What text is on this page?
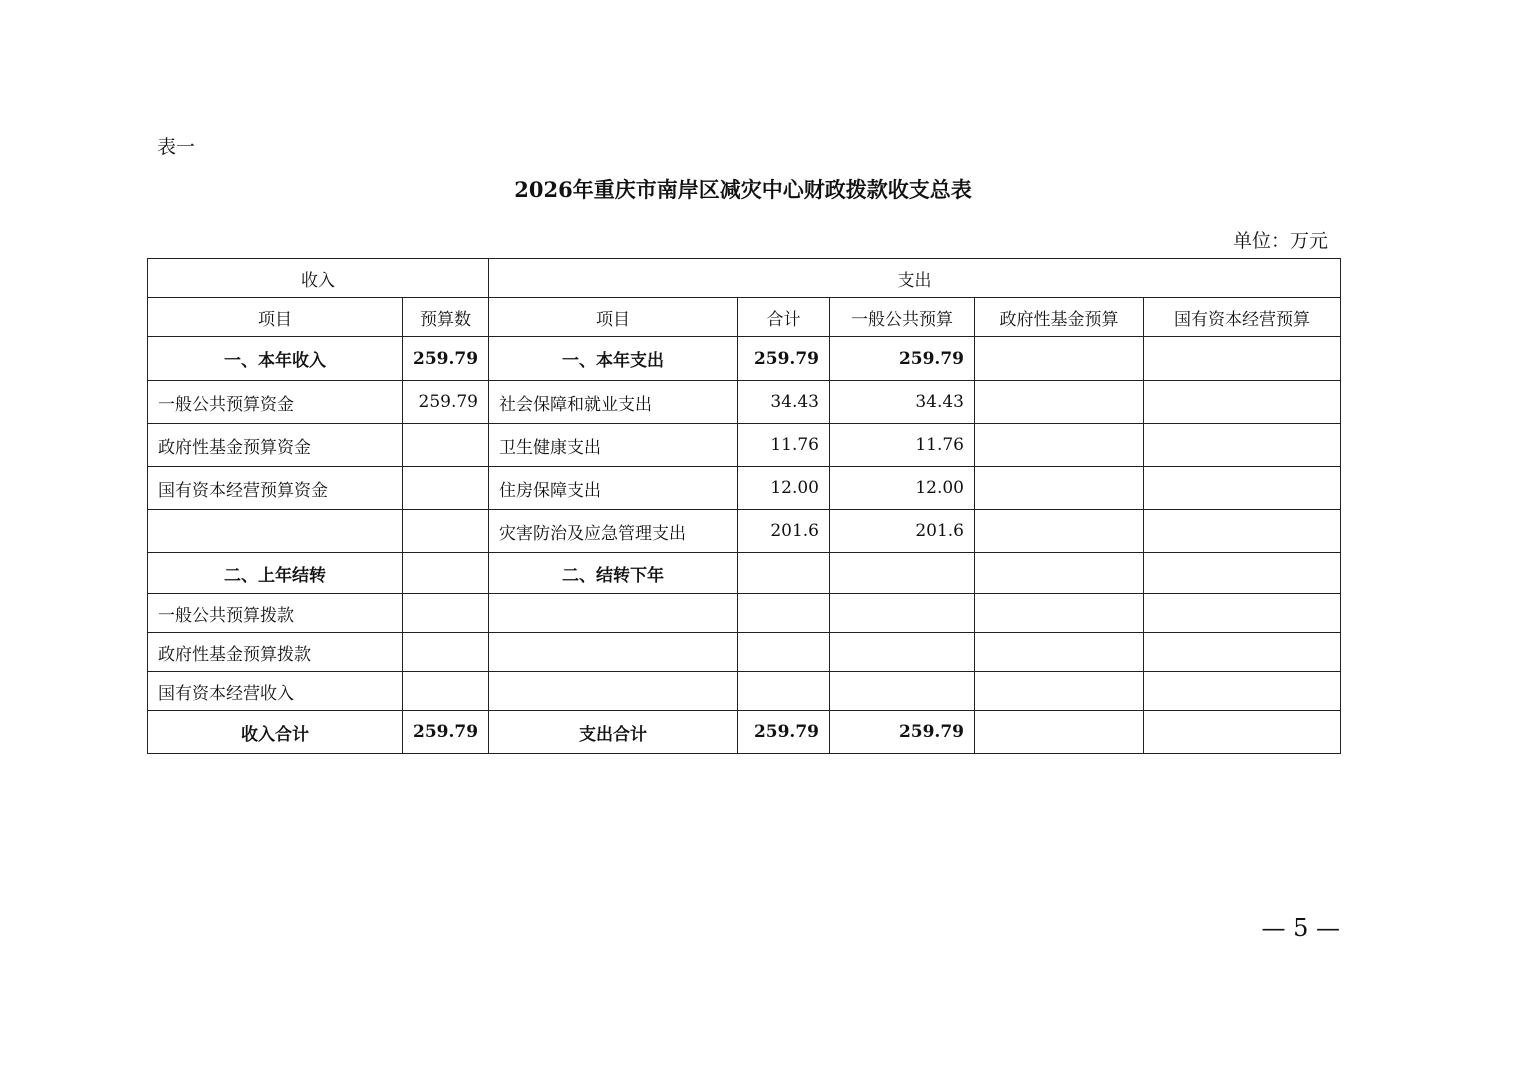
表一
2026年重庆市南岸区减灾中心财政拨款收支总表
单位：万元
收入		支出				
项目	预算数	项目	合计	一般公共预算	政府性基金预算	国有资本经营预算
一、本年收入	259.79	一、本年支出	259.79	259.79		
一般公共预算资金	259.79	社会保障和就业支出	34.43	34.43		
政府性基金预算资金		卫生健康支出	11.76	11.76		
国有资本经营预算资金		住房保障支出	12.00	12.00		
		灾害防治及应急管理支出	201.6	201.6		
二、上年结转		二、结转下年				
一般公共预算拨款						
政府性基金预算拨款						
国有资本经营收入						
收入合计	259.79	支出合计	259.79	259.79		
— 5 —
